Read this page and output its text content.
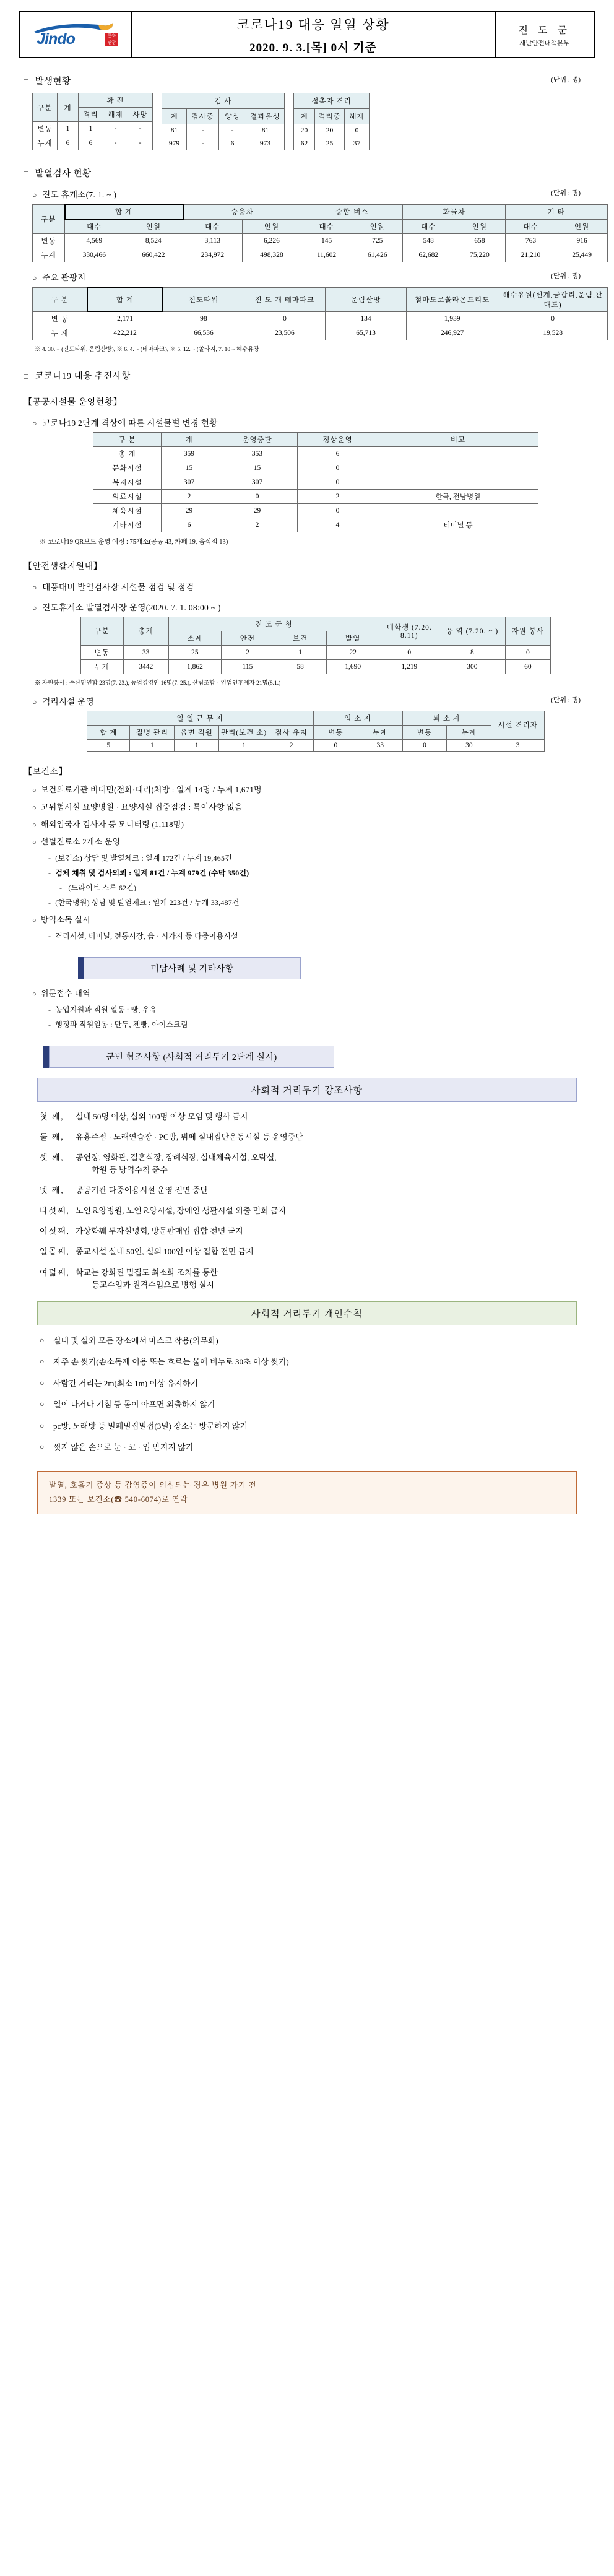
Jindo	문화
관광
	코로나19 대응 일일 상황	진 도 군
재난안전대책본부

2020. 9. 3.[목] 0시 기준
□ 발생현황	(단위 : 명)
구분	계	확 진		
		격리	해제	사망
변동	1	1	-	-
누계	6	6	-	-
검 사			
계	검사중	양성	결과음성
81	-	-	81
979	-	6	973
접촉자 격리		
계	격리중	해제
20	20	0
62	25	37
□ 발열검사 현황
○ 진도 휴게소(7. 1. ~ )	(단위 : 명)
구분	합 계		승용차		승합·버스		화물차		기 타	
	대수	인원	대수	인원	대수	인원	대수	인원	대수	인원
변동	4,569	8,524	3,113	6,226	145	725	548	658	763	916
누계	330,466	660,422	234,972	498,328	11,602	61,426	62,682	75,220	21,210	25,449
○ 주요 관광지	(단위 : 명)
구 분	합 계	진도타워	진 도 개 테마파크	운림산방	철마도로쏠라온드리도	해수유원(선계,금갑리,운림,관매도)
변 동	2,171	98	0	134	1,939	0
누 계	422,212	66,536	23,506	65,713	246,927	19,528
※ 4. 30. ~ (진도타워, 운림산방), ※ 6. 4. ~ (테마파크), ※ 5. 12. ~ (쏠라지, 7. 10 ~ 해수유장
□ 코로나19 대응 추진사항
【공공시설물 운영현황】
○ 코로나19 2단계 격상에 따른 시설물별 변경 현황
구 분	계	운영중단	정상운영	비고
총 계	359	353	6	
문화시설	15	15	0	
복지시설	307	307	0	
의료시설	2	0	2	한국, 전남병원
체육시설	29	29	0	
기타시설	6	2	4	터미널 등
※ 코로나19 QR보드 운영 예정 : 75개소(공공 43, 카페 19, 음식점 13)
【안전생활지원내】
○ 태풍대비 발열검사장 시설물 점검 및 점검
○ 진도휴게소 발열검사장 운영(2020. 7. 1. 08:00 ~ )
구분	총계	진 도 군 청				대학생 (7.20. 8.11)	응 역 (7.20. ~ )	자원 봉사
		소계	안전	보건	발열			
변동	33	25	2	1	22	0	8	0
누계	3442	1,862	115	58	1,690	1,219	300	60
※ 자원봉사 : 수산민연합 23명(7. 23.), 농업경영인 16명(7. 25.), 산림조합ㆍ임업인후계자 21명(8.1.)
○ 격리시설 운영	(단위 : 명)
일 일 근 무 자					입 소 자		퇴 소 자		시설 격리자
합 계	질병 관리	읍면 직원	관리(보건 소)	점사 유지	변동	누계	변동	누계	
5	1	1	1	2	0	33	0	30	3
【보건소】
○ 보건의료기관 비대면(전화·대리)처방 : 일계 14명 / 누계 1,671명
○ 고위험시설 요양병원 · 요양시설 집중점검 : 특이사항 없음
○ 해외입국자 검사자 등 모니터링 (1,118명)
○ 선별진료소 2개소 운영
- (보건소) 상담 및 발열체크 : 일계 172건 / 누계 19,465건
- 검체 채취 및 검사의뢰 : 일계 81건 / 누계 979건 (수막 350건)
- (드라이브 스루 62건)
- (한국병원) 상담 및 발열체크 : 일계 223건 / 누계 33,487건
○ 방역소독 실시
- 격리시설, 터미널, 전통시장, 읍 · 시가지 등 다중이용시설
미담사례 및 기타사항
○ 위문접수 내역
- 농업지원과 직원 일동 : 빵, 우유
- 행정과 직원일동 : 만두, 젠빵, 아이스크림
군민 협조사항 (사회적 거리두기 2단계 실시)
사회적 거리두기 강조사항
첫 째,	실내 50명 이상, 실외 100명 이상 모임 및 행사 금지
둘 째,	유흥주점 · 노래연습장 · PC방, 뷔페 실내집단운동시설 등 운영중단
셋 째,	공연장, 영화관, 결혼식장, 장례식장, 실내체육시설, 오락실,
학원 등 방역수칙 준수
넷 째,	공공기관 다중이용시설 운영 전면 중단
다섯째, 노인요양병원, 노인요양시설, 장애인 생활시설 외출 면회 금지
여섯째, 가상화훼 투자설명회, 방문판매업 집합 전면 금지
일곱째, 종교시설 실내 50인, 실외 100인 이상 집합 전면 금지
여덟째, 학교는 강화된 밀집도 최소화 조치를 통한
등교수업과 원격수업으로 병행 실시
사회적 거리두기 개인수칙
○	실내 및 실외 모든 장소에서 마스크 착용(의무화)
○	자주 손 씻기(손소독제 이용 또는 흐르는 물에 비누로 30초 이상 씻기)
○	사람간 거리는 2m(최소 1m) 이상 유지하기
○	열이 나거나 기침 등 몸이 아프면 외출하지 않기
○	pc방, 노래방 등 밀폐밀집밀접(3밀) 장소는 방문하지 않기
○	씻지 않은 손으로 눈 · 코 · 입 만지지 않기
발열, 호흡기 증상 등 감염증이 의심되는 경우 병원 가기 전
1339 또는 보건소(☎ 540-6074)로 연락
